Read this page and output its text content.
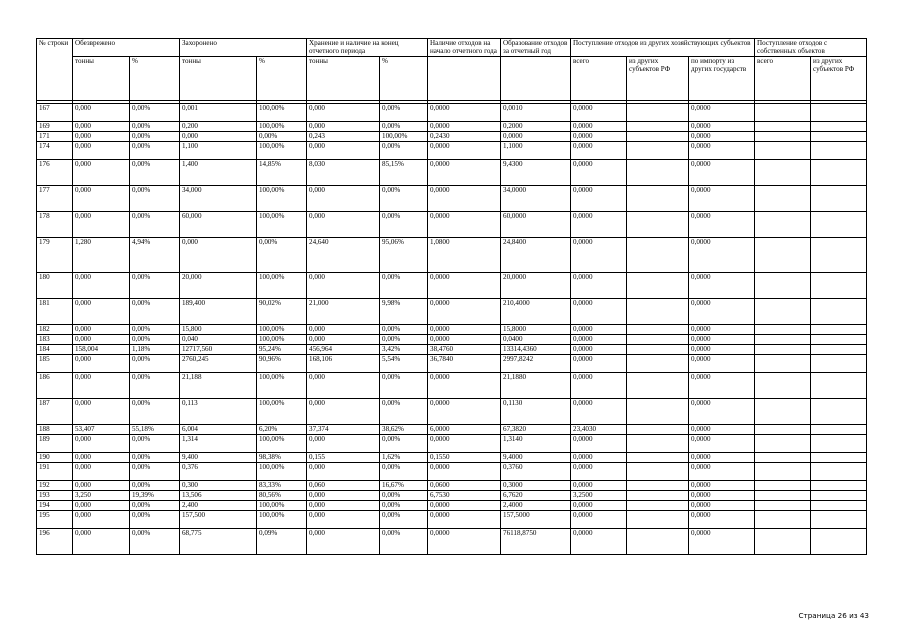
№ строки	Обезврежено		Захоронено		Хранение и наличие на конец отчетного периода		Наличие отходов на начало отчетного года	Образование отходов за отчетный год	Поступление отходов из других хозяйствующих субъектов			Поступление отходов с собственных объектов	
	тонны	%	тонны	%	тонны	%			всего	из других субъектов РФ	по импорту из других государств	всего	из других субъектов РФ

167	0,000	0,00%	0,001	100,00%	0,000	0,00%	0,0000	0,0010	0,0000		0,0000		
169	0,000	0,00%	0,200	100,00%	0,000	0,00%	0,0000	0,2000	0,0000		0,0000		
171	0,000	0,00%	0,000	0,00%	0,243	100,00%	0,2430	0,0000	0,0000		0,0000		
174	0,000	0,00%	1,100	100,00%	0,000	0,00%	0,0000	1,1000	0,0000		0,0000		
176	0,000	0,00%	1,400	14,85%	8,030	85,15%	0,0000	9,4300	0,0000		0,0000		
177	0,000	0,00%	34,000	100,00%	0,000	0,00%	0,0000	34,0000	0,0000		0,0000		
178	0,000	0,00%	60,000	100,00%	0,000	0,00%	0,0000	60,0000	0,0000		0,0000		
179	1,280	4,94%	0,000	0,00%	24,640	95,06%	1,0800	24,8400	0,0000		0,0000		
180	0,000	0,00%	20,000	100,00%	0,000	0,00%	0,0000	20,0000	0,0000		0,0000		
181	0,000	0,00%	189,400	90,02%	21,000	9,98%	0,0000	210,4000	0,0000		0,0000		
182	0,000	0,00%	15,800	100,00%	0,000	0,00%	0,0000	15,8000	0,0000		0,0000		
183	0,000	0,00%	0,040	100,00%	0,000	0,00%	0,0000	0,0400	0,0000		0,0000		
184	158,004	1,18%	12717,560	95,24%	456,964	3,42%	38,4760	13314,4360	0,0000		0,0000		
185	0,000	0,00%	2760,245	90,96%	168,106	5,54%	36,7840	2997,8242	0,0000		0,0000		
186	0,000	0,00%	21,188	100,00%	0,000	0,00%	0,0000	21,1880	0,0000		0,0000		
187	0,000	0,00%	0,113	100,00%	0,000	0,00%	0,0000	0,1130	0,0000		0,0000		
188	53,407	55,18%	6,004	6,20%	37,374	38,62%	6,0000	67,3820	23,4030		0,0000		
189	0,000	0,00%	1,314	100,00%	0,000	0,00%	0,0000	1,3140	0,0000		0,0000		
190	0,000	0,00%	9,400	98,38%	0,155	1,62%	0,1550	9,4000	0,0000		0,0000		
191	0,000	0,00%	0,376	100,00%	0,000	0,00%	0,0000	0,3760	0,0000		0,0000		
192	0,000	0,00%	0,300	83,33%	0,060	16,67%	0,0600	0,3000	0,0000		0,0000		
193	3,250	19,39%	13,506	80,56%	0,000	0,00%	6,7530	6,7620	3,2500		0,0000		
194	0,000	0,00%	2,400	100,00%	0,000	0,00%	0,0000	2,4000	0,0000		0,0000		
195	0,000	0,00%	157,500	100,00%	0,000	0,00%	0,0000	157,5000	0,0000		0,0000		
196	0,000	0,00%	68,775	0,09%	0,000	0,00%	0,0000	76118,8750	0,0000		0,0000		
Страница 26 из 43
